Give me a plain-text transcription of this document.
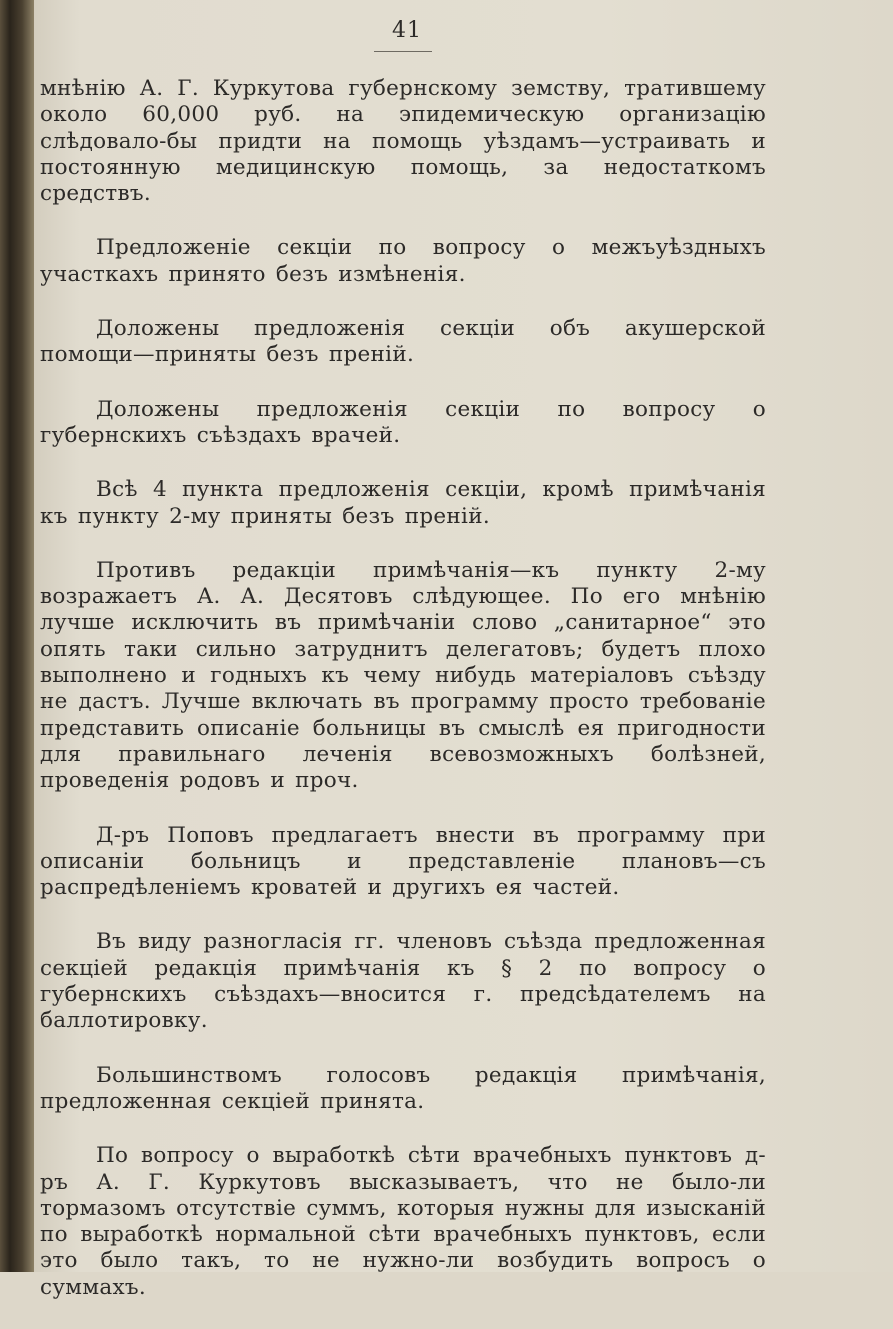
41

мнѣнію А. Г. Куркутова губернскому земству, тратившему около 60,000 руб. на эпидемическую организацію слѣдовало-бы придти на помощь уѣздамъ—устраивать и постоянную медицинскую помощь, за недостаткомъ средствъ.

Предложеніе секціи по вопросу о межъуѣздныхъ участкахъ принято безъ измѣненія.

Доложены предложенія секціи объ акушерской помощи—приняты безъ преній.

Доложены предложенія секціи по вопросу о губернскихъ съѣздахъ врачей.

Всѣ 4 пункта предложенія секціи, кромѣ примѣчанія къ пункту 2-му приняты безъ преній.

Противъ редакціи примѣчанія—къ пункту 2-му возражаетъ А. А. Десятовъ слѣдующее. По его мнѣнію лучше исключить въ примѣчаніи слово „санитарное“ это опять таки сильно затруднитъ делегатовъ; будетъ плохо выполнено и годныхъ къ чему нибудь матеріаловъ съѣзду не дастъ. Лучше включать въ программу просто требованіе представить описаніе больницы въ смыслѣ ея пригодности для правильнаго леченія всевозможныхъ болѣзней, проведенія родовъ и проч.

Д-ръ Поповъ предлагаетъ внести въ программу при описаніи больницъ и представленіе плановъ—съ распредѣленіемъ кроватей и другихъ ея частей.

Въ виду разногласія гг. членовъ съѣзда предложенная секціей редакція примѣчанія къ § 2 по вопросу о губернскихъ съѣздахъ—вносится г. предсѣдателемъ на баллотировку.

Большинствомъ голосовъ редакція примѣчанія, предложенная секціей принята.

По вопросу о выработкѣ сѣти врачебныхъ пунктовъ д-ръ А. Г. Куркутовъ высказываетъ, что не было-ли тормазомъ отсутствіе суммъ, которыя нужны для изысканій по выработкѣ нормальной сѣти врачебныхъ пунктовъ, если это было такъ, то не нужно-ли возбудить вопросъ о суммахъ.
